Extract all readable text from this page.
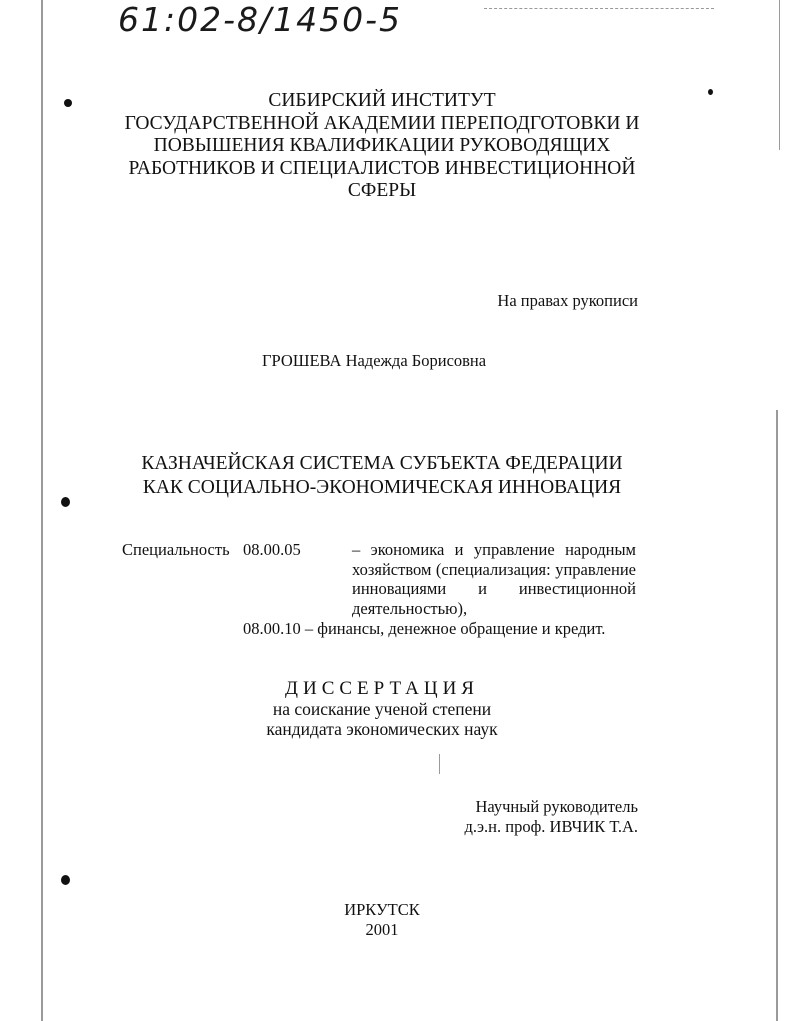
61:02-8/1450-5
СИБИРСКИЙ ИНСТИТУТ
ГОСУДАРСТВЕННОЙ АКАДЕМИИ ПЕРЕПОДГОТОВКИ И
ПОВЫШЕНИЯ КВАЛИФИКАЦИИ РУКОВОДЯЩИХ
РАБОТНИКОВ И СПЕЦИАЛИСТОВ ИНВЕСТИЦИОННОЙ
СФЕРЫ
На правах рукописи
ГРОШЕВА Надежда Борисовна
КАЗНАЧЕЙСКАЯ СИСТЕМА СУБЪЕКТА ФЕДЕРАЦИИ
КАК СОЦИАЛЬНО-ЭКОНОМИЧЕСКАЯ ИННОВАЦИЯ
Специальность 08.00.05	– экономика и управление народным хозяйством (специализация: управление инновациями и инвестиционной деятельностью),
08.00.10 – финансы, денежное обращение и кредит.
ДИССЕРТАЦИЯ
на соискание ученой степени
кандидата экономических наук
Научный руководитель
д.э.н. проф. ИВЧИК Т.А.
ИРКУТСК
2001
